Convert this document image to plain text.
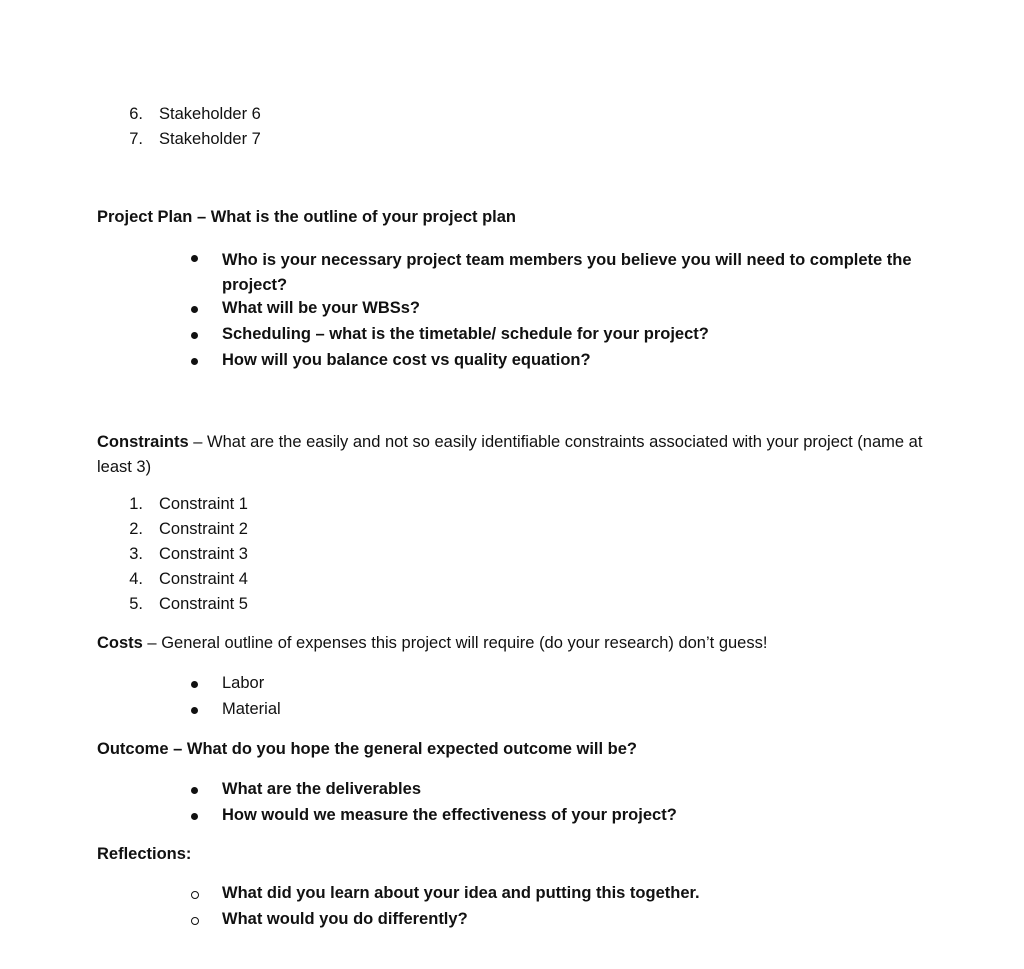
6. Stakeholder 6
7. Stakeholder 7
Project Plan – What is the outline of your project plan
Who is your necessary project team members you believe you will need to complete the project?
What will be your WBSs?
Scheduling – what is the timetable/ schedule for your project?
How will you balance cost vs quality equation?
Constraints – What are the easily and not so easily identifiable constraints associated with your project (name at least 3)
1. Constraint 1
2. Constraint 2
3. Constraint 3
4. Constraint 4
5. Constraint 5
Costs – General outline of expenses this project will require (do your research) don’t guess!
Labor
Material
Outcome – What do you hope the general expected outcome will be?
What are the deliverables
How would we measure the effectiveness of your project?
Reflections:
What did you learn about your idea and putting this together.
What would you do differently?
